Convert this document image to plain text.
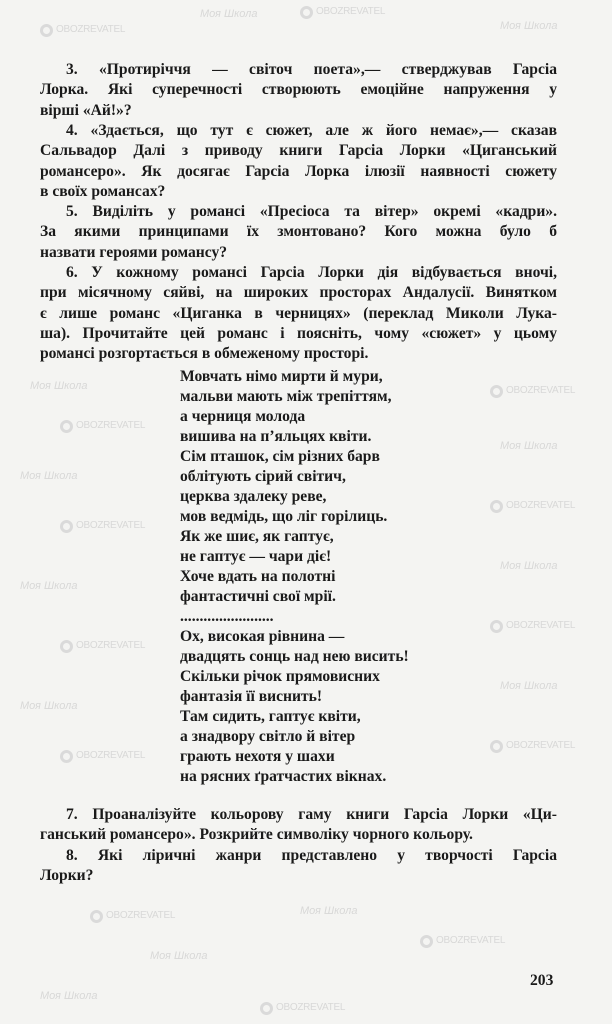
Моя Школа	OBOZREVATEL
Моя Школа
OBOZREVATEL
Моя Школа
OBOZREVATEL
Моя Школа
OBOZREVATEL
Моя Школа
OBOZREVATEL
Моя Школа
OBOZREVATEL
OBOZREVATEL
Моя Школа
OBOZREVATEL
Моя Школа
OBOZREVATEL
Моя Школа
OBOZREVATEL
OBOZREVATEL	Моя Школа
OBOZREVATEL
Моя Школа
OBOZREVATEL
Моя Школа
3. «Протиріччя — світоч поета»,— стверджував Гарсіа
Лорка. Які суперечності створюють емоційне напруження у
вірші «Ай!»?
4. «Здається, що тут є сюжет, але ж його немає»,— сказав
Сальвадор Далі з приводу книги Гарсіа Лорки «Циганський
романсеро». Як досягає Гарсіа Лорка ілюзії наявності сюжету
в своїх романсах?
5. Виділіть у романсі «Пресіоса та вітер» окремі «кадри».
За якими принципами їх змонтовано? Кого можна було б
назвати героями романсу?
6. У кожному романсі Гарсіа Лорки дія відбувається вночі,
при місячному сяйві, на широких просторах Андалусії. Винятком
є лише романс «Циганка в черницях» (переклад Миколи Лука-
ша). Прочитайте цей романс і поясніть, чому «сюжет» у цьому
романсі розгортається в обмеженому просторі.
Мовчать німо мирти й мури,
мальви мають між трепіттям,
а черниця молода
вишива на п’яльцях квіти.
Сім пташок, сім різних барв
облітують сірий світич,
церква здалеку реве,
мов ведмідь, що ліг горілиць.
Як же шиє, як гаптує,
не гаптує — чари діє!
Хоче вдать на полотні
фантастичні свої мрії.
........................
Ох, високая рівнина —
двадцять сонць над нею висить!
Скільки річок прямовисних
фантазія її виснить!
Там сидить, гаптує квіти,
а знадвору світло й вітер
грають нехотя у шахи
на рясних ґратчастих вікнах.
7. Проаналізуйте кольорову гаму книги Гарсіа Лорки «Ци-
ганський романсеро». Розкрийте символіку чорного кольору.
8. Які ліричні жанри представлено у творчості Гарсіа
Лорки?
203
